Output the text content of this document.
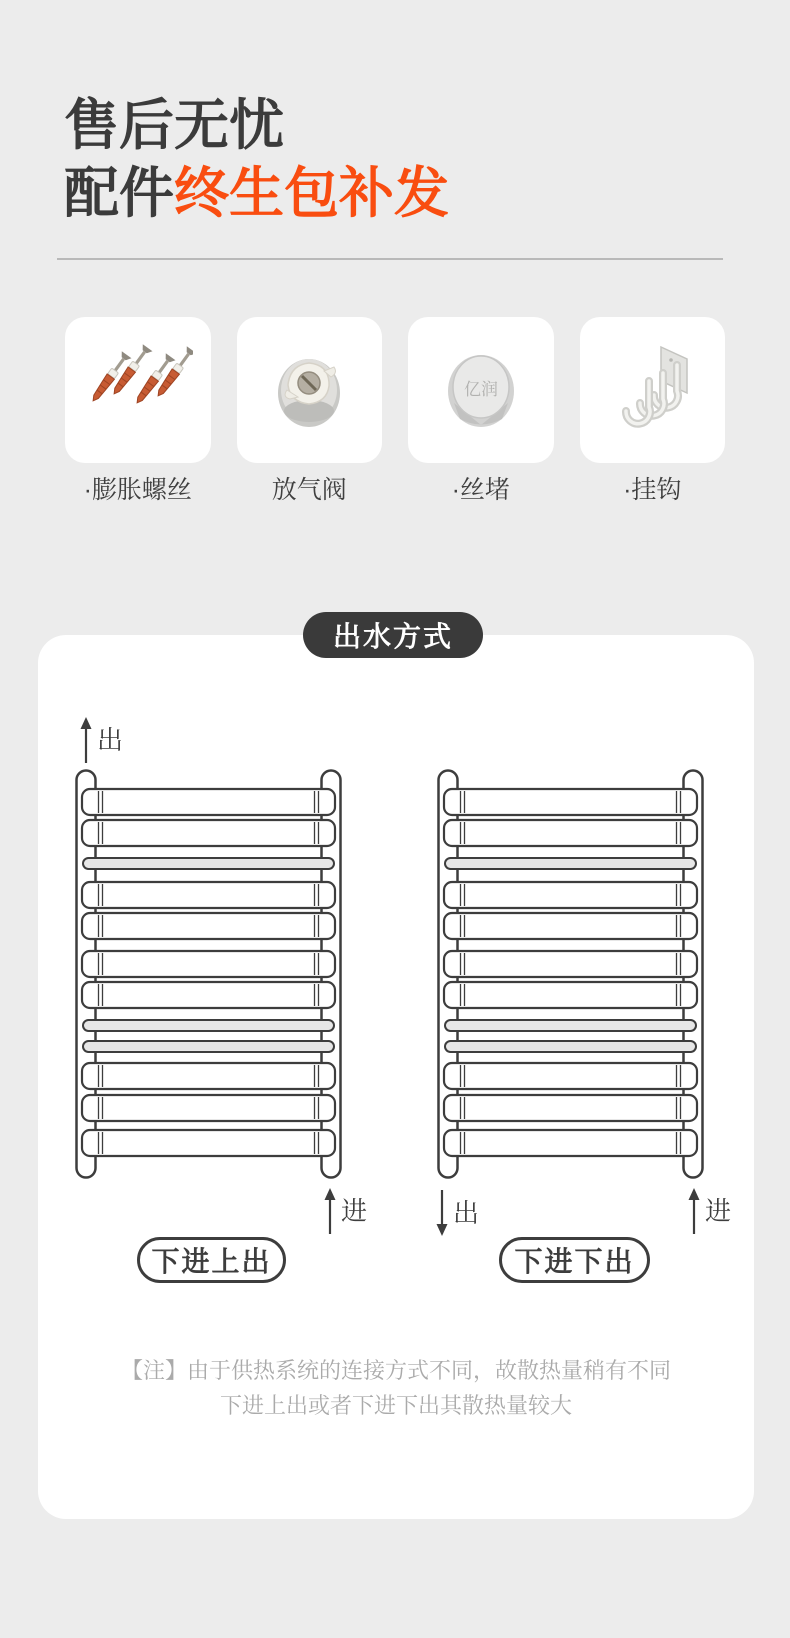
售后无忧
配件终生包补发
·膨胀螺丝	放气阀
亿润
·丝堵	·挂钩
出水方式
出
进	出	进
下进上出	下进下出
【注】由于供热系统的连接方式不同，故散热量稍有不同
下进上出或者下进下出其散热量较大
